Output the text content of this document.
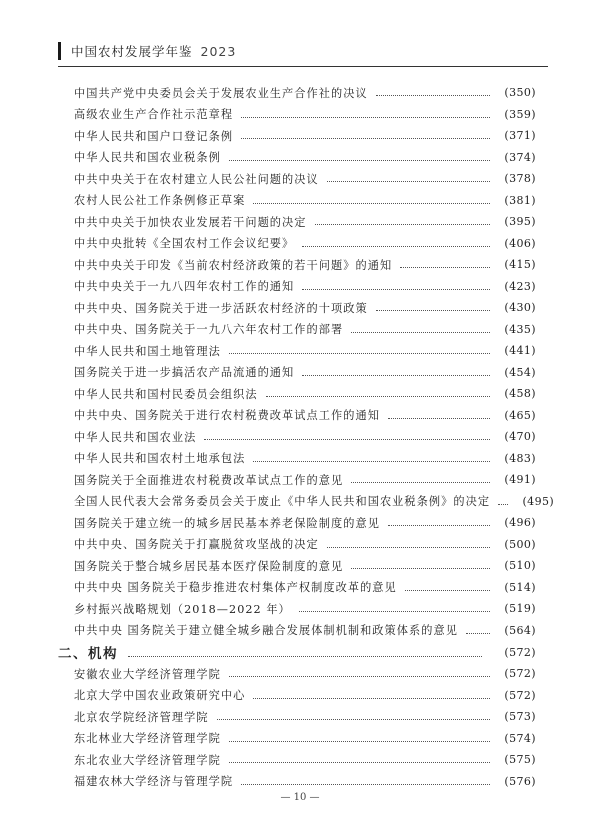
中国农村发展学年鉴 2023
中国共产党中央委员会关于发展农业生产合作社的决议	(350)
高级农业生产合作社示范章程	(359)
中华人民共和国户口登记条例	(371)
中华人民共和国农业税条例	(374)
中共中央关于在农村建立人民公社问题的决议	(378)
农村人民公社工作条例修正草案	(381)
中共中央关于加快农业发展若干问题的决定	(395)
中共中央批转《全国农村工作会议纪要》	(406)
中共中央关于印发《当前农村经济政策的若干问题》的通知	(415)
中共中央关于一九八四年农村工作的通知	(423)
中共中央、国务院关于进一步活跃农村经济的十项政策	(430)
中共中央、国务院关于一九八六年农村工作的部署	(435)
中华人民共和国土地管理法	(441)
国务院关于进一步搞活农产品流通的通知	(454)
中华人民共和国村民委员会组织法	(458)
中共中央、国务院关于进行农村税费改革试点工作的通知	(465)
中华人民共和国农业法	(470)
中华人民共和国农村土地承包法	(483)
国务院关于全面推进农村税费改革试点工作的意见	(491)
全国人民代表大会常务委员会关于废止《中华人民共和国农业税条例》的决定	(495)
国务院关于建立统一的城乡居民基本养老保险制度的意见	(496)
中共中央、国务院关于打赢脱贫攻坚战的决定	(500)
国务院关于整合城乡居民基本医疗保险制度的意见	(510)
中共中央 国务院关于稳步推进农村集体产权制度改革的意见	(514)
乡村振兴战略规划（2018—2022 年）	(519)
中共中央 国务院关于建立健全城乡融合发展体制机制和政策体系的意见	(564)
二、机构	(572)
安徽农业大学经济管理学院	(572)
北京大学中国农业政策研究中心	(572)
北京农学院经济管理学院	(573)
东北林业大学经济管理学院	(574)
东北农业大学经济管理学院	(575)
福建农林大学经济与管理学院	(576)
— 10 —
